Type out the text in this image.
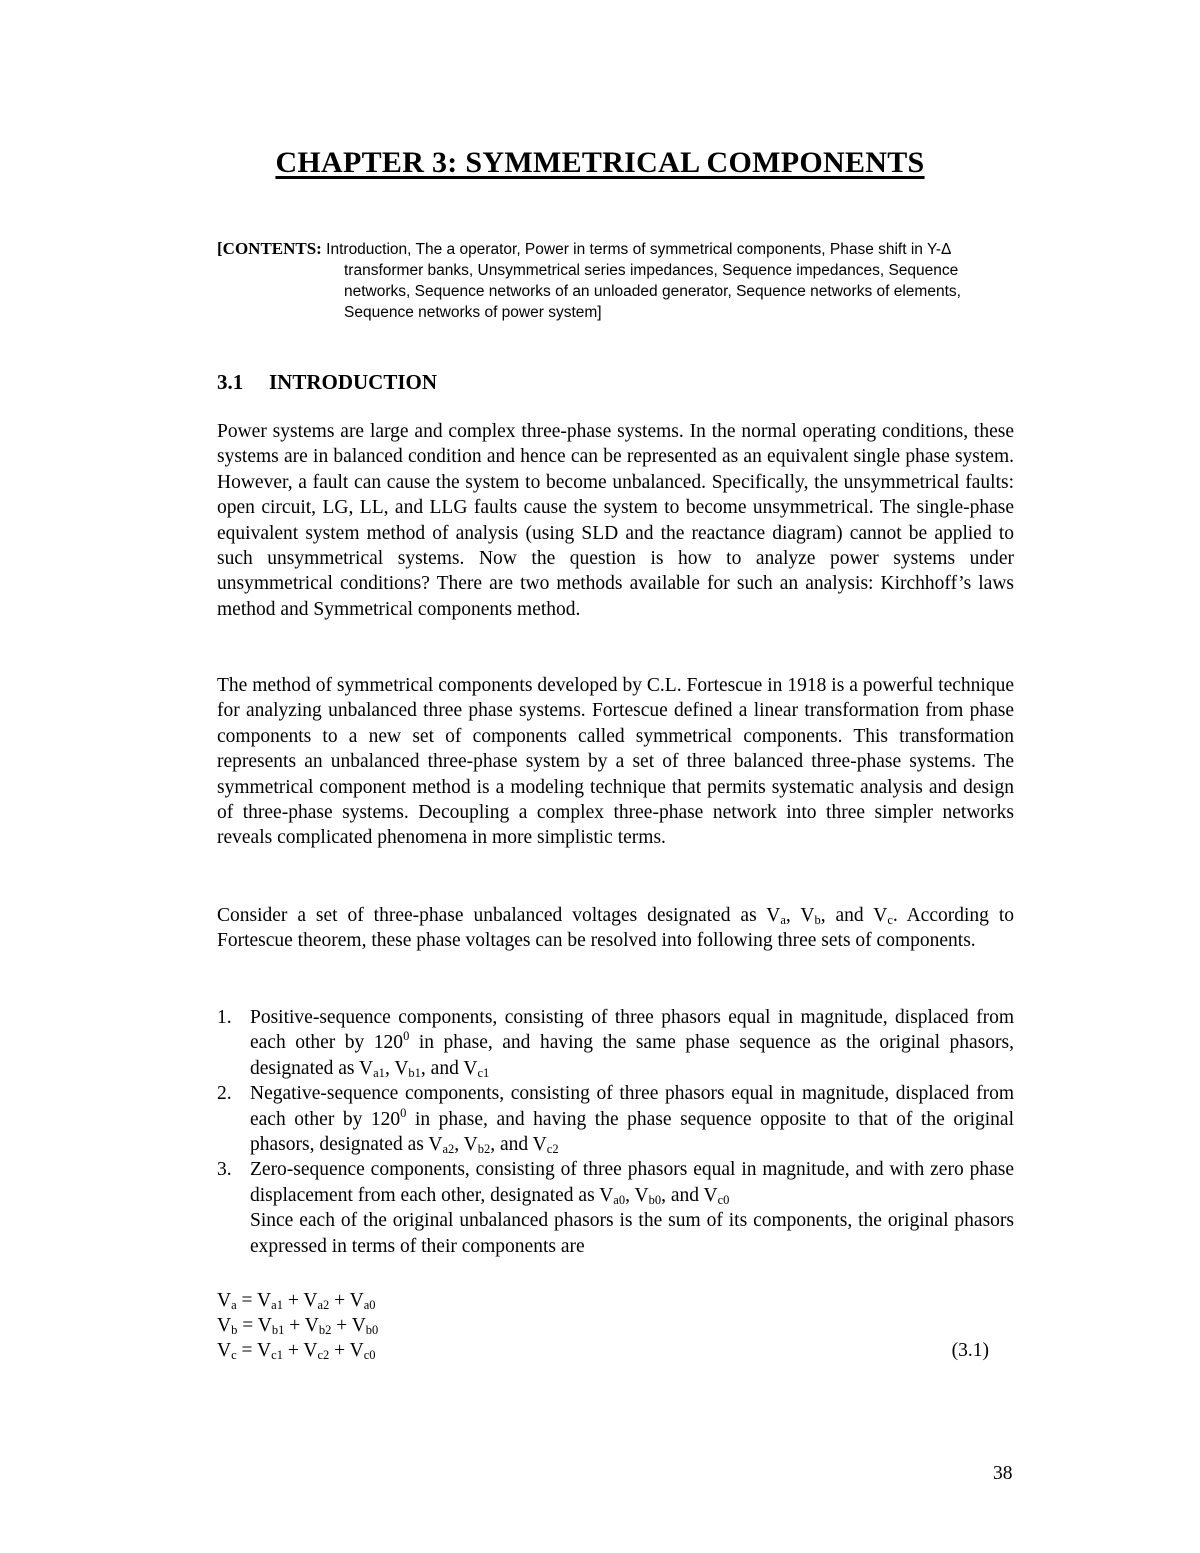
CHAPTER 3: SYMMETRICAL COMPONENTS
[CONTENTS: Introduction, The a operator, Power in terms of symmetrical components, Phase shift in Y-Δ transformer banks, Unsymmetrical series impedances, Sequence impedances, Sequence networks, Sequence networks of an unloaded generator, Sequence networks of elements, Sequence networks of power system]
3.1 INTRODUCTION

Power systems are large and complex three-phase systems. In the normal operating conditions, these systems are in balanced condition and hence can be represented as an equivalent single phase system. However, a fault can cause the system to become unbalanced. Specifically, the unsymmetrical faults: open circuit, LG, LL, and LLG faults cause the system to become unsymmetrical. The single-phase equivalent system method of analysis (using SLD and the reactance diagram) cannot be applied to such unsymmetrical systems. Now the question is how to analyze power systems under unsymmetrical conditions? There are two methods available for such an analysis: Kirchhoff’s laws method and Symmetrical components method.

The method of symmetrical components developed by C.L. Fortescue in 1918 is a powerful technique for analyzing unbalanced three phase systems. Fortescue defined a linear transformation from phase components to a new set of components called symmetrical components. This transformation represents an unbalanced three-phase system by a set of three balanced three-phase systems. The symmetrical component method is a modeling technique that permits systematic analysis and design of three-phase systems. Decoupling a complex three-phase network into three simpler networks reveals complicated phenomena in more simplistic terms.

Consider a set of three-phase unbalanced voltages designated as $V_a$, $V_b$, and $V_c$. According to Fortescue theorem, these phase voltages can be resolved into following three sets of components.

1. Positive-sequence components, consisting of three phasors equal in magnitude, displaced from each other by $120^0$ in phase, and having the same phase sequence as the original phasors, designated as $V_{a1}$, $V_{b1}$, and $V_{c1}$
2. Negative-sequence components, consisting of three phasors equal in magnitude, displaced from each other by $120^0$ in phase, and having the phase sequence opposite to that of the original phasors, designated as $V_{a2}$, $V_{b2}$, and $V_{c2}$
3. Zero-sequence components, consisting of three phasors equal in magnitude, and with zero phase displacement from each other, designated as $V_{a0}$, $V_{b0}$, and $V_{c0}$
Since each of the original unbalanced phasors is the sum of its components, the original phasors expressed in terms of their components are
$V_a = V_{a1} + V_{a2} + V_{a0}$
$V_b = V_{b1} + V_{b2} + V_{b0}$
$V_c = V_{c1} + V_{c2} + V_{c0}$	(3.1)
38
